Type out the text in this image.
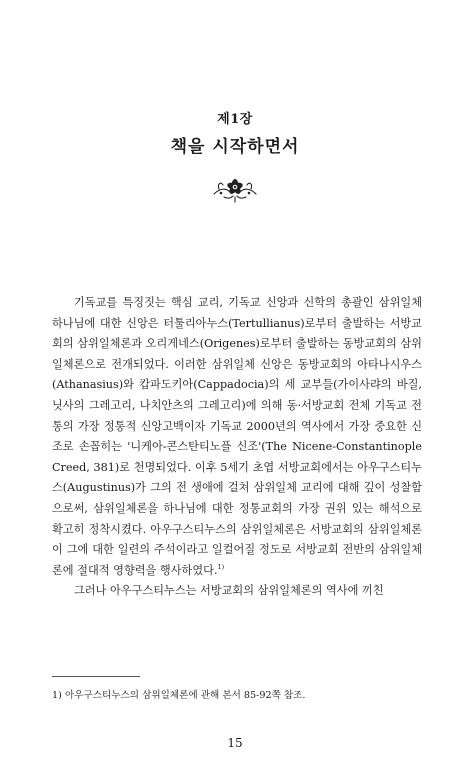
제1장
책을 시작하면서

기독교를 특징짓는 핵심 교리, 기독교 신앙과 신학의 총괄인 삼위일체 하나님에 대한 신앙은 터툴리아누스(Tertullianus)로부터 출발하는 서방교회의 삼위일체론과 오리게네스(Origenes)로부터 출발하는 동방교회의 삼위일체론으로 전개되었다. 이러한 삼위일체 신앙은 동방교회의 아타나시우스(Athanasius)와 캅파도키아(Cappadocia)의 세 교부들(가이사랴의 바질, 닛사의 그레고리, 나치안츠의 그레고리)에 의해 동·서방교회 전체 기독교 전통의 가장 정통적 신앙고백이자 기독교 2000년의 역사에서 가장 중요한 신조로 손꼽히는 '니케아-콘스탄티노플 신조'(The Nicene-Constantinople Creed, 381)로 천명되었다. 이후 5세기 초엽 서방교회에서는 아우구스티누스(Augustinus)가 그의 전 생애에 걸쳐 삼위일체 교리에 대해 깊이 성찰함으로써, 삼위일체론을 하나님에 대한 정통교회의 가장 권위 있는 해석으로 확고히 정착시켰다. 아우구스티누스의 삼위일체론은 서방교회의 삼위일체론이 그에 대한 일련의 주석이라고 일컬어질 정도로 서방교회 전반의 삼위일체론에 절대적 영향력을 행사하였다.$^{1)}$

그러나 아우구스티누스는 서방교회의 삼위일체론의 역사에 끼친

1) 아우구스티누스의 삼위일체론에 관해 본서 85-92쪽 참조.
15
